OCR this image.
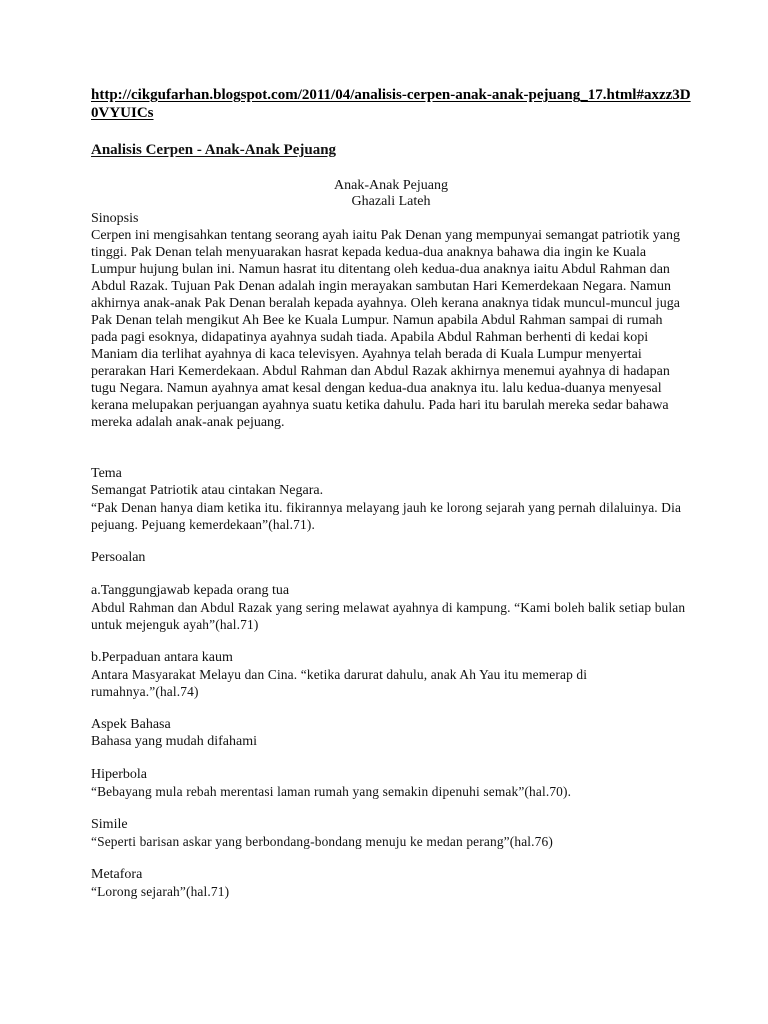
http://cikgufarhan.blogspot.com/2011/04/analisis-cerpen-anak-anak-pejuang_17.html#axzz3D0VYUICs

Analisis Cerpen - Anak-Anak Pejuang

Anak-Anak Pejuang
Ghazali Lateh

Sinopsis

Cerpen ini mengisahkan tentang seorang ayah iaitu Pak Denan yang mempunyai semangat patriotik yang tinggi. Pak Denan telah menyuarakan hasrat kepada kedua-dua anaknya bahawa dia ingin ke Kuala Lumpur hujung bulan ini. Namun hasrat itu ditentang oleh kedua-dua anaknya iaitu Abdul Rahman dan Abdul Razak. Tujuan Pak Denan adalah ingin merayakan sambutan Hari Kemerdekaan Negara. Namun akhirnya anak-anak Pak Denan beralah kepada ayahnya. Oleh kerana anaknya tidak muncul-muncul juga Pak Denan telah mengikut Ah Bee ke Kuala Lumpur. Namun apabila Abdul Rahman sampai di rumah pada pagi esoknya, didapatinya ayahnya sudah tiada. Apabila Abdul Rahman berhenti di kedai kopi Maniam dia terlihat ayahnya di kaca televisyen. Ayahnya telah berada di Kuala Lumpur menyertai perarakan Hari Kemerdekaan. Abdul Rahman dan Abdul Razak akhirnya menemui ayahnya di hadapan tugu Negara. Namun ayahnya amat kesal dengan kedua-dua anaknya itu. lalu kedua-duanya menyesal kerana melupakan perjuangan ayahnya suatu ketika dahulu. Pada hari itu barulah mereka sedar bahawa mereka adalah anak-anak pejuang.

Tema

Semangat Patriotik atau cintakan Negara.

“Pak Denan hanya diam ketika itu. fikirannya melayang jauh ke lorong sejarah yang pernah dilaluinya. Dia pejuang. Pejuang kemerdekaan”(hal.71).

Persoalan

a.Tanggungjawab kepada orang tua

Abdul Rahman dan Abdul Razak yang sering melawat ayahnya di kampung. “Kami boleh balik setiap bulan untuk mejenguk ayah”(hal.71)

b.Perpaduan antara kaum

Antara Masyarakat Melayu dan Cina. “ketika darurat dahulu, anak Ah Yau itu memerap di rumahnya.”(hal.74)

Aspek Bahasa

Bahasa yang mudah difahami

Hiperbola

“Bebayang mula rebah merentasi laman rumah yang semakin dipenuhi semak”(hal.70).

Simile

“Seperti barisan askar yang berbondang-bondang menuju ke medan perang”(hal.76)

Metafora

“Lorong sejarah”(hal.71)
